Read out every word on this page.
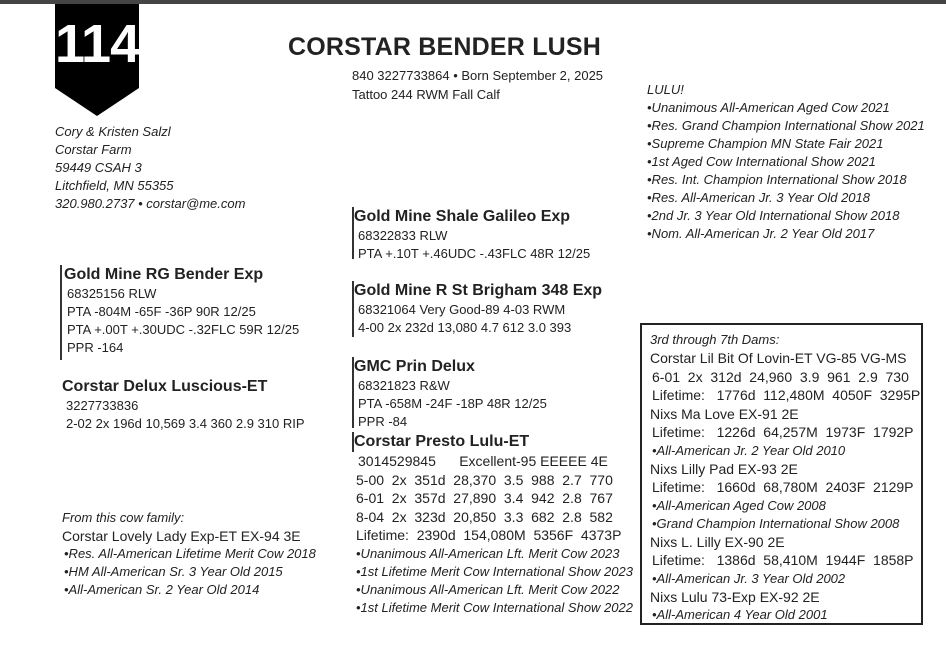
114	CORSTAR BENDER LUSH
840 3227733864 • Born September 2, 2025
Tattoo 244 RWM Fall Calf
Cory & Kristen Salzl
Corstar Farm
59449 CSAH 3
Litchfield, MN 55355
320.980.2737 • corstar@me.com
LULU!
•Unanimous All-American Aged Cow 2021
•Res. Grand Champion International Show 2021
•Supreme Champion MN State Fair 2021
•1st Aged Cow International Show 2021
•Res. Int. Champion International Show 2018
•Res. All-American Jr. 3 Year Old 2018
•2nd Jr. 3 Year Old International Show 2018
•Nom. All-American Jr. 2 Year Old 2017
Gold Mine Shale Galileo Exp
68322833 RLW
PTA +.10T +.46UDC -.43FLC 48R 12/25
Gold Mine R St Brigham 348 Exp
68321064 Very Good-89 4-03 RWM
4-00 2x 232d 13,080 4.7 612 3.0 393
Gold Mine RG Bender Exp
68325156 RLW
PTA -804M -65F -36P 90R 12/25
PTA +.00T +.30UDC -.32FLC 59R 12/25
PPR -164
Corstar Delux Luscious-ET
3227733836
2-02 2x 196d 10,569 3.4 360 2.9 310 RIP
GMC Prin Delux
68321823 R&W
PTA -658M -24F -18P 48R 12/25
PPR -84
Corstar Presto Lulu-ET
3014529845      Excellent-95 EEEEE 4E
5-00  2x  351d  28,370  3.5  988  2.7  770
6-01  2x  357d  27,890  3.4  942  2.8  767
8-04  2x  323d  20,850  3.3  682  2.8  582
Lifetime:  2390d  154,080M  5356F  4373P
•Unanimous All-American Lft. Merit Cow 2023
•1st Lifetime Merit Cow International Show 2023
•Unanimous All-American Lft. Merit Cow 2022
•1st Lifetime Merit Cow International Show 2022
From this cow family:
Corstar Lovely Lady Exp-ET EX-94 3E
•Res. All-American Lifetime Merit Cow 2018
•HM All-American Sr. 3 Year Old 2015
•All-American Sr. 2 Year Old 2014
3rd through 7th Dams:
Corstar Lil Bit Of Lovin-ET VG-85 VG-MS
6-01  2x  312d  24,960  3.9  961  2.9  730
Lifetime:   1776d  112,480M  4050F  3295P
Nixs Ma Love EX-91 2E
Lifetime:   1226d  64,257M  1973F  1792P
•All-American Jr. 2 Year Old 2010
Nixs Lilly Pad EX-93 2E
Lifetime:   1660d  68,780M  2403F  2129P
•All-American Aged Cow 2008
•Grand Champion International Show 2008
Nixs L. Lilly EX-90 2E
Lifetime:   1386d  58,410M  1944F  1858P
•All-American Jr. 3 Year Old 2002
Nixs Lulu 73-Exp EX-92 2E
•All-American 4 Year Old 2001
